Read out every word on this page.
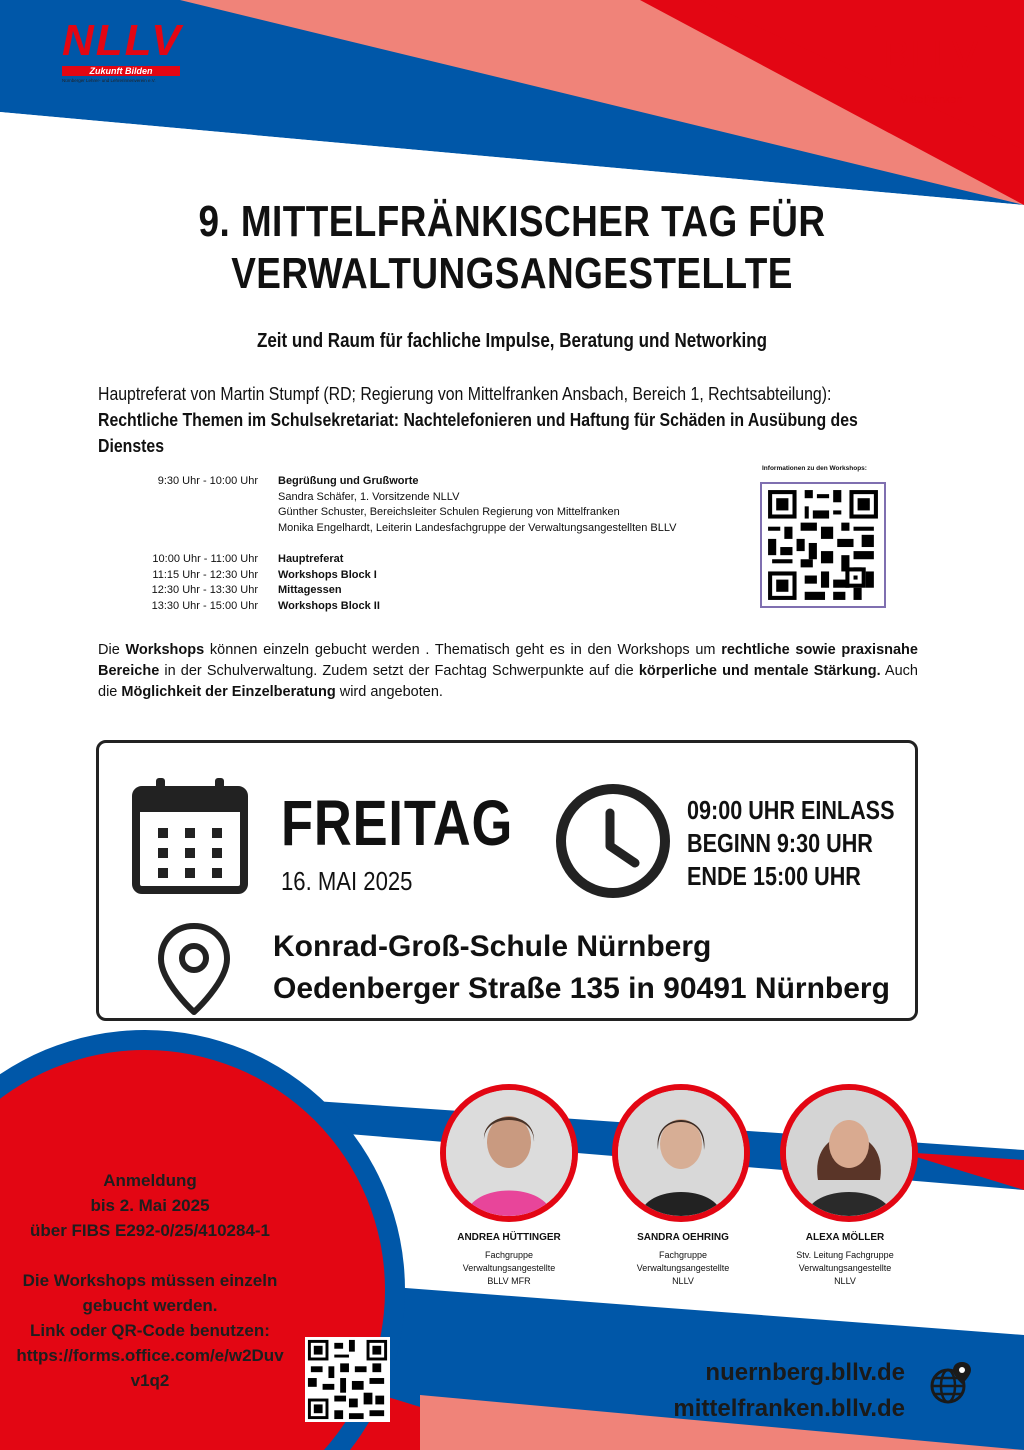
NLLV
Zukunft Bilden
Nürnberger Lehrer- und Lehrerinnenverein e.V.
BLLV
Mittelfranken
9. MITTELFRÄNKISCHER TAG FÜR
VERWALTUNGSANGESTELLTE
Zeit und Raum für fachliche Impulse, Beratung und Networking
Hauptreferat von Martin Stumpf (RD; Regierung von Mittelfranken Ansbach, Bereich 1, Rechtsabteilung):
Rechtliche Themen im Schulsekretariat: Nachtelefonieren und Haftung für Schäden in Ausübung des
Dienstes
9:30 Uhr - 10:00 Uhr Begrüßung und Grußworte
Sandra Schäfer, 1. Vorsitzende NLLV
Günther Schuster, Bereichsleiter Schulen Regierung von Mittelfranken
Monika Engelhardt, Leiterin Landesfachgruppe der Verwaltungsangestellten BLLV
10:00 Uhr - 11:00 Uhr Hauptreferat
11:15 Uhr - 12:30 Uhr Workshops Block I
12:30 Uhr - 13:30 Uhr Mittagessen
13:30 Uhr - 15:00 Uhr Workshops Block II
Informationen zu den Workshops:
Die Workshops können einzeln gebucht werden . Thematisch geht es in den Workshops um rechtliche sowie praxisnahe Bereiche in der Schulverwaltung. Zudem setzt der Fachtag Schwerpunkte auf die körperliche und mentale Stärkung. Auch die Möglichkeit der Einzelberatung wird angeboten.
FREITAG
16. MAI 2025
09:00 UHR EINLASS
BEGINN 9:30 UHR
ENDE 15:00 UHR
Konrad-Groß-Schule Nürnberg
Oedenberger Straße 135 in 90491 Nürnberg
ANDREA HÜTTINGER
Fachgruppe
Verwaltungsangestellte
BLLV MFR
SANDRA OEHRING
Fachgruppe
Verwaltungsangestellte
NLLV
ALEXA MÖLLER
Stv. Leitung Fachgruppe
Verwaltungsangestellte
NLLV
Anmeldung
bis 2. Mai 2025
über FIBS E292-0/25/410284-1
Die Workshops müssen einzeln
gebucht werden.
Link oder QR-Code benutzen:
https://forms.office.com/e/w2Duv
v1q2	nuernberg.bllv.de
mittelfranken.bllv.de
